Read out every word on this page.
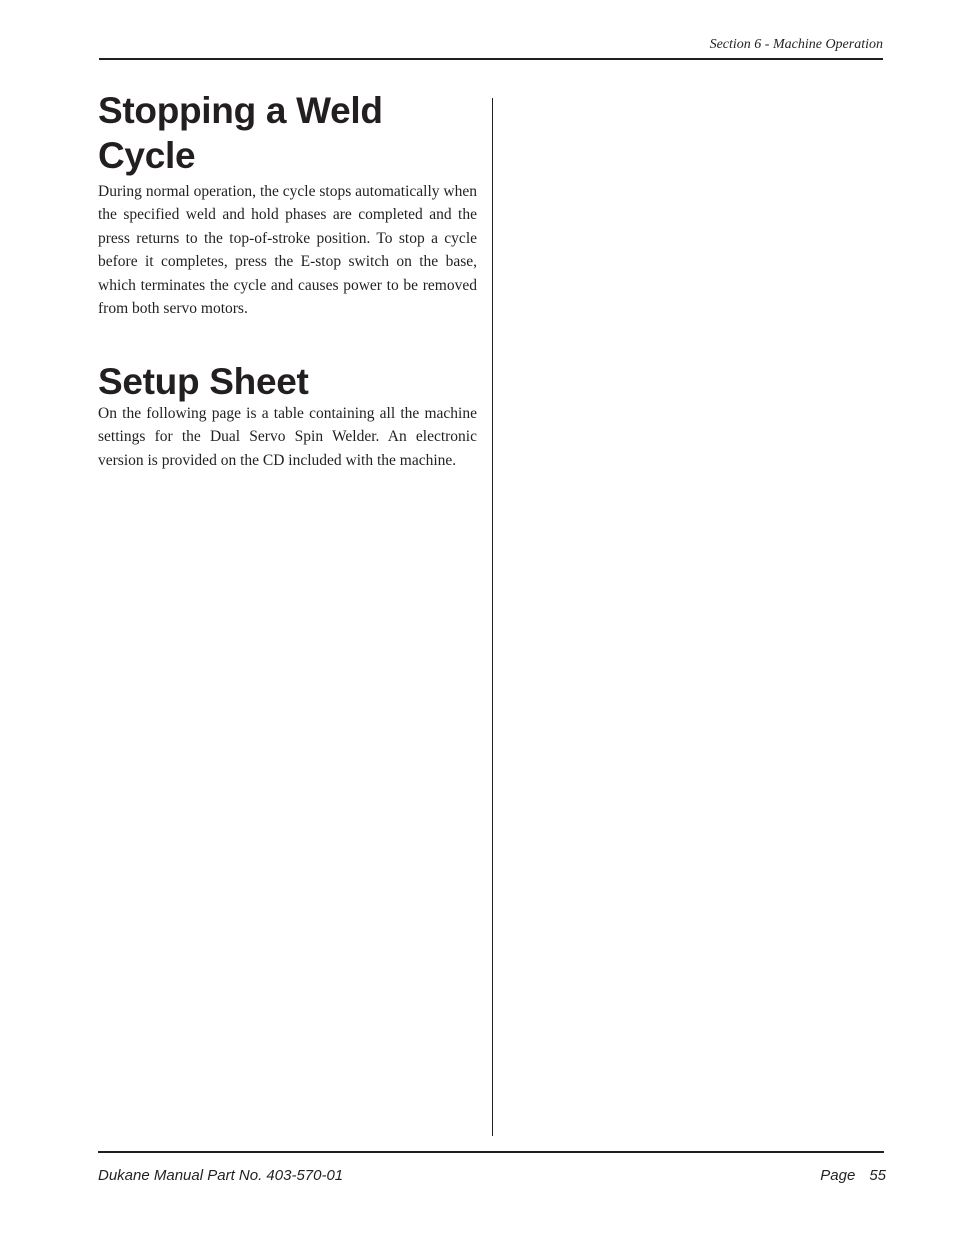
Section 6 - Machine Operation
Stopping a Weld Cycle

During normal operation, the cycle stops automatically when the specified weld and hold phases are completed and the press returns to the top-of-stroke position. To stop a cycle before it completes, press the E-stop switch on the base, which terminates the cycle and causes power to be removed from both servo motors.

Setup Sheet

On the following page is a table containing all the machine settings for the Dual Servo Spin Welder. An electronic version is provided on the CD included with the machine.

Dukane Manual Part No. 403-570-01	Page 55
